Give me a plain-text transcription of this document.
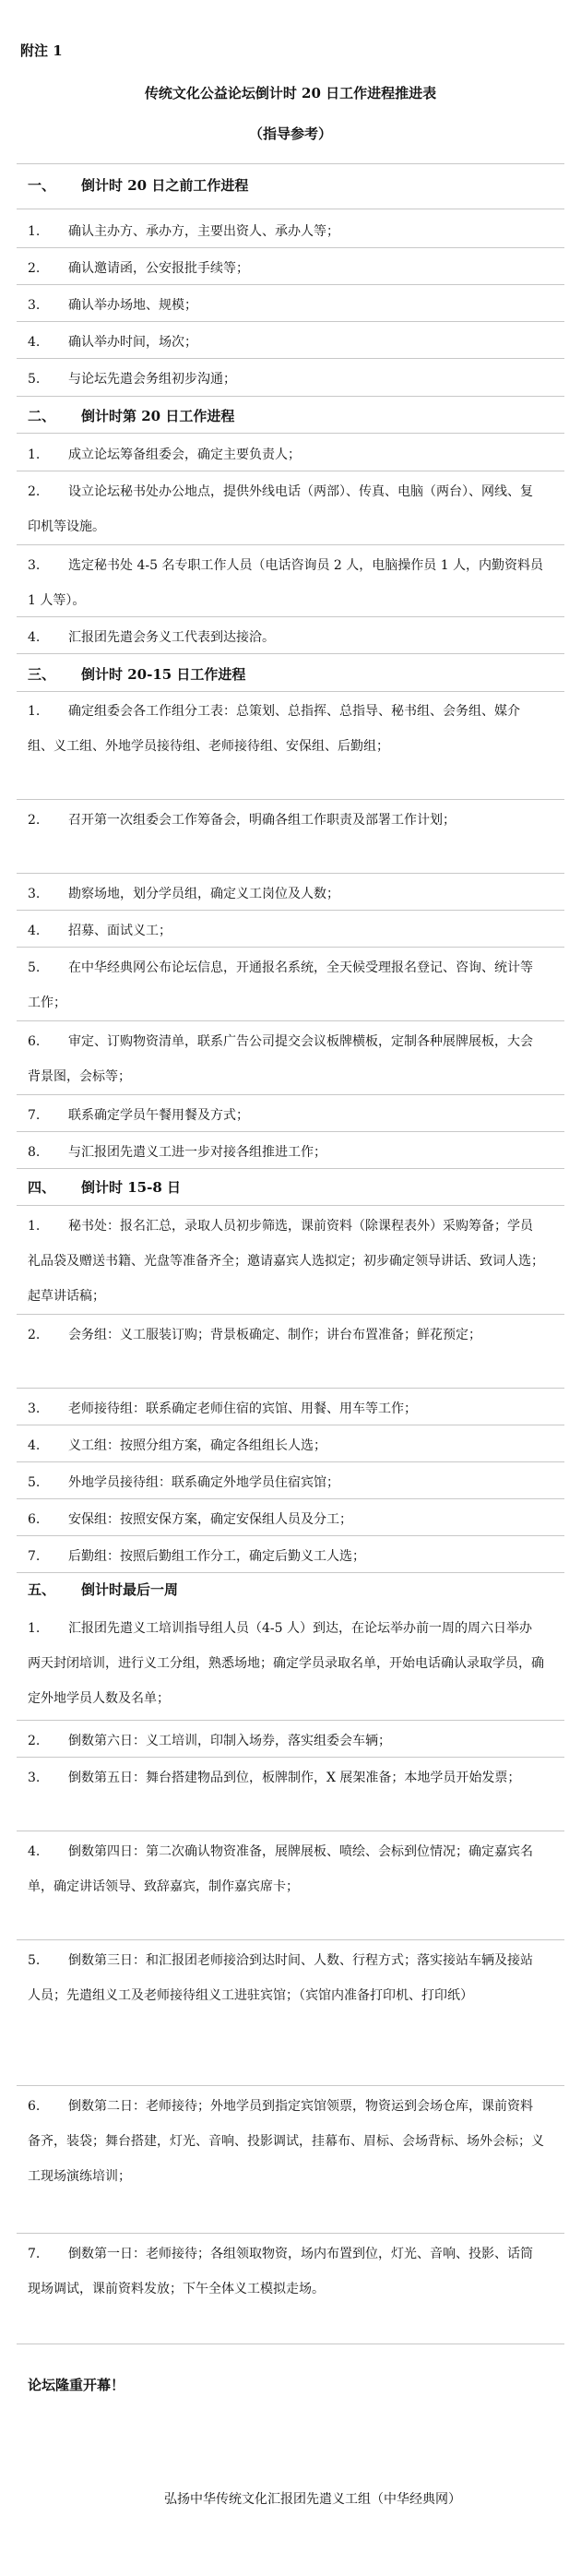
附注 1
传统文化公益论坛倒计时 20 日工作进程推进表
（指导参考）
一、 倒计时 20 日之前工作进程
1.	确认主办方、承办方，主要出资人、承办人等；
2.	确认邀请函，公安报批手续等；
3.	确认举办场地、规模；
4.	确认举办时间，场次；
5.	与论坛先遣会务组初步沟通；
二、 倒计时第 20 日工作进程
1.	成立论坛筹备组委会，确定主要负责人；
2.	设立论坛秘书处办公地点，提供外线电话（两部）、传真、电脑（两台）、网线、复印机等设施。
3.	选定秘书处 4-5 名专职工作人员（电话咨询员 2 人，电脑操作员 1 人，内勤资料员 1 人等）。
4.	汇报团先遣会务义工代表到达接洽。
三、 倒计时 20-15 日工作进程
1.	确定组委会各工作组分工表：总策划、总指挥、总指导、秘书组、会务组、媒介组、义工组、外地学员接待组、老师接待组、安保组、后勤组；
2.	召开第一次组委会工作筹备会，明确各组工作职责及部署工作计划；
3.	勘察场地，划分学员组，确定义工岗位及人数；
4.	招募、面试义工；
5.	在中华经典网公布论坛信息，开通报名系统，全天候受理报名登记、咨询、统计等工作；
6.	审定、订购物资清单，联系广告公司提交会议板牌横板，定制各种展牌展板，大会背景图，会标等；
7.	联系确定学员午餐用餐及方式；
8.	与汇报团先遣义工进一步对接各组推进工作；
四、 倒计时 15-8 日
1.	秘书处：报名汇总，录取人员初步筛选，课前资料（除课程表外）采购筹备；学员礼品袋及赠送书籍、光盘等准备齐全；邀请嘉宾人选拟定；初步确定领导讲话、致词人选；起草讲话稿；
2.	会务组：义工服装订购；背景板确定、制作；讲台布置准备；鲜花预定；
3.	老师接待组：联系确定老师住宿的宾馆、用餐、用车等工作；
4.	义工组：按照分组方案，确定各组组长人选；
5.	外地学员接待组：联系确定外地学员住宿宾馆；
6.	安保组：按照安保方案，确定安保组人员及分工；
7.	后勤组：按照后勤组工作分工，确定后勤义工人选；
五、 倒计时最后一周
1.	汇报团先遣义工培训指导组人员（4-5 人）到达，在论坛举办前一周的周六日举办两天封闭培训，进行义工分组，熟悉场地；确定学员录取名单，开始电话确认录取学员，确定外地学员人数及名单；
2.	倒数第六日：义工培训，印制入场券，落实组委会车辆；
3.	倒数第五日：舞台搭建物品到位，板牌制作，X 展架准备；本地学员开始发票；
4.	倒数第四日：第二次确认物资准备，展牌展板、喷绘、会标到位情况；确定嘉宾名单，确定讲话领导、致辞嘉宾，制作嘉宾席卡；
5.	倒数第三日：和汇报团老师接洽到达时间、人数、行程方式；落实接站车辆及接站人员；先遣组义工及老师接待组义工进驻宾馆；（宾馆内准备打印机、打印纸）
6.	倒数第二日：老师接待；外地学员到指定宾馆领票，物资运到会场仓库，课前资料备齐，装袋；舞台搭建，灯光、音响、投影调试，挂幕布、眉标、会场背标、场外会标；义工现场演练培训；
7.	倒数第一日：老师接待；各组领取物资，场内布置到位，灯光、音响、投影、话筒现场调试，课前资料发放；下午全体义工模拟走场。
论坛隆重开幕！
弘扬中华传统文化汇报团先遣义工组（中华经典网）
